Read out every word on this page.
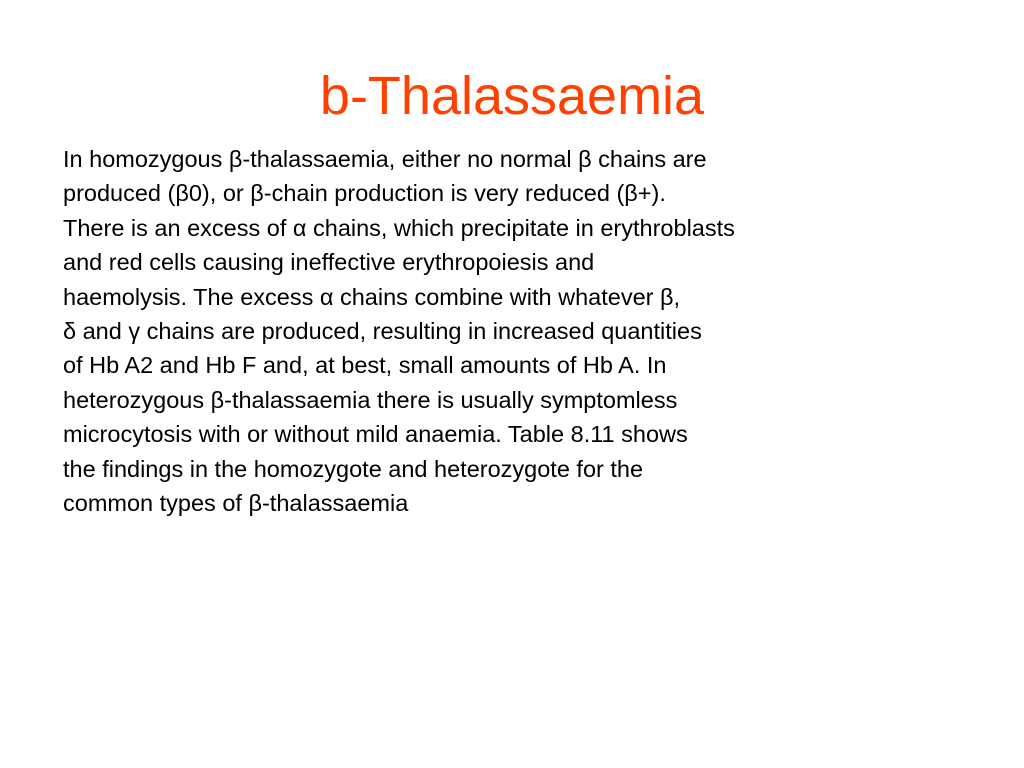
b-Thalassaemia
In homozygous β-thalassaemia, either no normal β chains are
produced (β0), or β-chain production is very reduced (β+).
There is an excess of α chains, which precipitate in erythroblasts
and red cells causing ineffective erythropoiesis and
haemolysis. The excess α chains combine with whatever β,
δ and γ chains are produced, resulting in increased quantities
of Hb A2 and Hb F and, at best, small amounts of Hb A. In
heterozygous β-thalassaemia there is usually symptomless
microcytosis with or without mild anaemia. Table 8.11 shows
the findings in the homozygote and heterozygote for the
common types of β-thalassaemia
